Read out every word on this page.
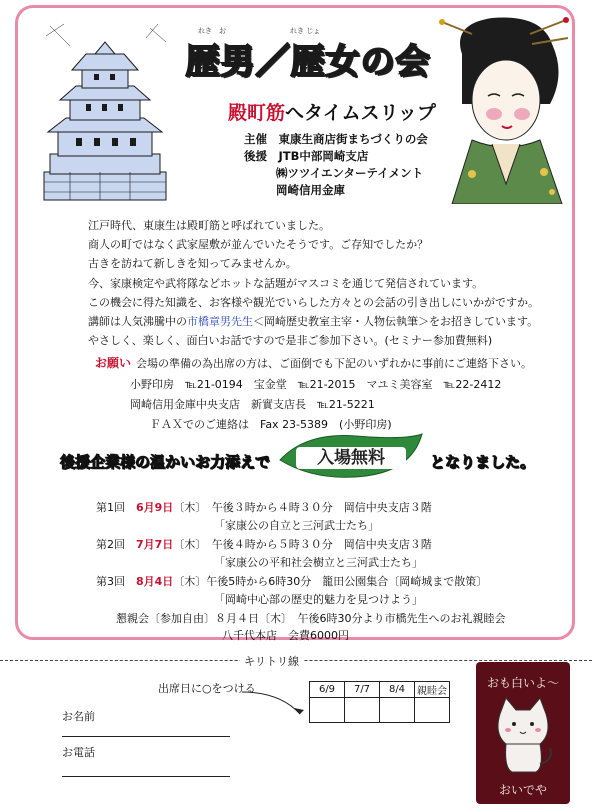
れき　お	れき じょ
歴男／歴女の会
殿町筋へタイムスリップ
主催　 東康生商店街まちづくりの会
後援　 JTB中部岡崎支店
㈱ツツイエンターテイメント
岡崎信用金庫
江戸時代、東康生は殿町筋と呼ばれていました。
商人の町ではなく武家屋敷が並んでいたそうです。ご存知でしたか？
古きを訪ねて新しきを知ってみませんか。
今、家康検定や武将隊などホットな話題がマスコミを通じて発信されています。
この機会に得た知識を、お客様や観光でいらした方々との会話の引き出しにいかがですか。
講師は人気沸騰中の市橋章男先生＜岡崎歴史教室主宰・人物伝執筆＞をお招きしています。
やさしく、楽しく、面白いお話ですので是非ご参加下さい。(セミナー参加費無料)
お願い 会場の準備の為出席の方は、ご面倒でも下記のいずれかに事前にご連絡下さい。
小野印房　℡21-0194　宝金堂　℡21-2015　マユミ美容室　℡22-2412
岡崎信用金庫中央支店　新實支店長　℡21-5221
ＦＡＸでのご連絡は　Fax 23-5389　(小野印房)
後援企業様の温かいお力添えで	入場無料	となりました。
第1回　 6月9日〔木〕　午後３時から４時３０分　岡信中央支店３階
「家康公の自立と三河武士たち」
第2回　 7月7日〔木〕　午後４時から５時３０分　岡信中央支店３階
「家康公の平和社会樹立と三河武士たち」
第3回　 8月4日〔木〕午後5時から6時30分　籠田公園集合〔岡崎城まで散策〕
「岡崎中心部の歴史的魅力を見つけよう」
懇親会〔参加自由〕８月４日〔木〕　午後6時30分より市橋先生へのお礼親睦会
八千代本店　会費6000円
キリトリ線
出席日に○をつける	6/9	7/7	8/4	親睦会

お名前
お電話
おも白いよ〜
おいでや
